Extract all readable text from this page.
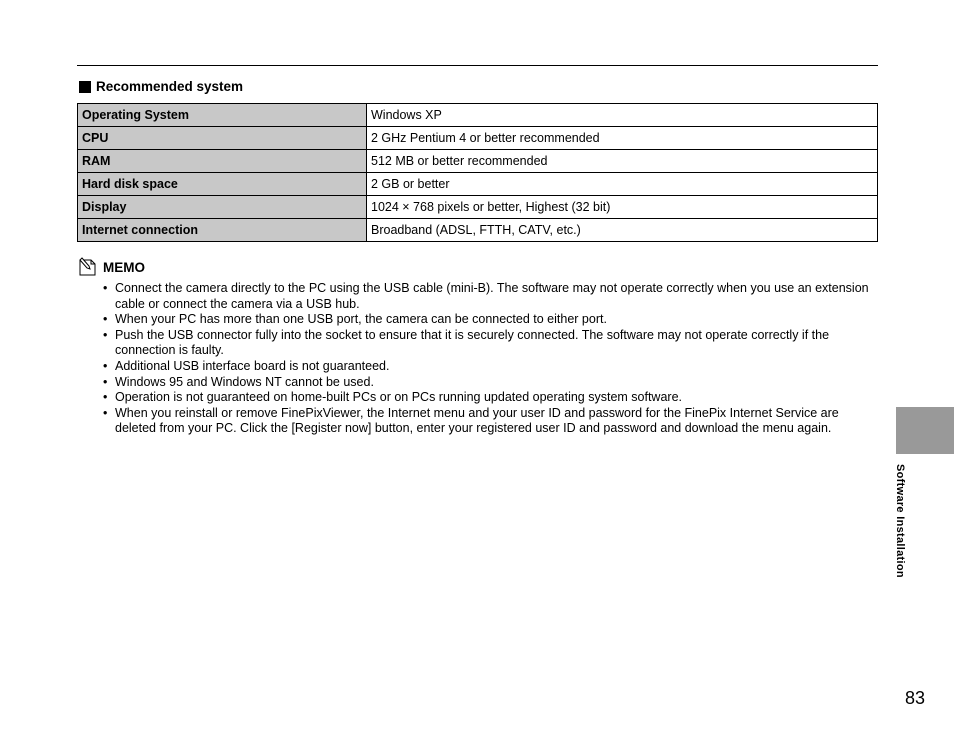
Recommended system
Operating System	Windows XP
CPU	2 GHz Pentium 4 or better recommended
RAM	512 MB or better recommended
Hard disk space	2 GB or better
Display	1024 × 768 pixels or better, Highest (32 bit)
Internet connection	Broadband (ADSL, FTTH, CATV, etc.)
MEMO
• Connect the camera directly to the PC using the USB cable (mini-B). The software may not operate correctly when you use an extension cable or connect the camera via a USB hub.
• When your PC has more than one USB port, the camera can be connected to either port.
• Push the USB connector fully into the socket to ensure that it is securely connected. The software may not operate correctly if the connection is faulty.
• Additional USB interface board is not guaranteed.
• Windows 95 and Windows NT cannot be used.
• Operation is not guaranteed on home-built PCs or on PCs running updated operating system software.
• When you reinstall or remove FinePixViewer, the Internet menu and your user ID and password for the FinePix Internet Service are deleted from your PC. Click the [Register now] button, enter your registered user ID and password and download the menu again.
Software Installation
83
